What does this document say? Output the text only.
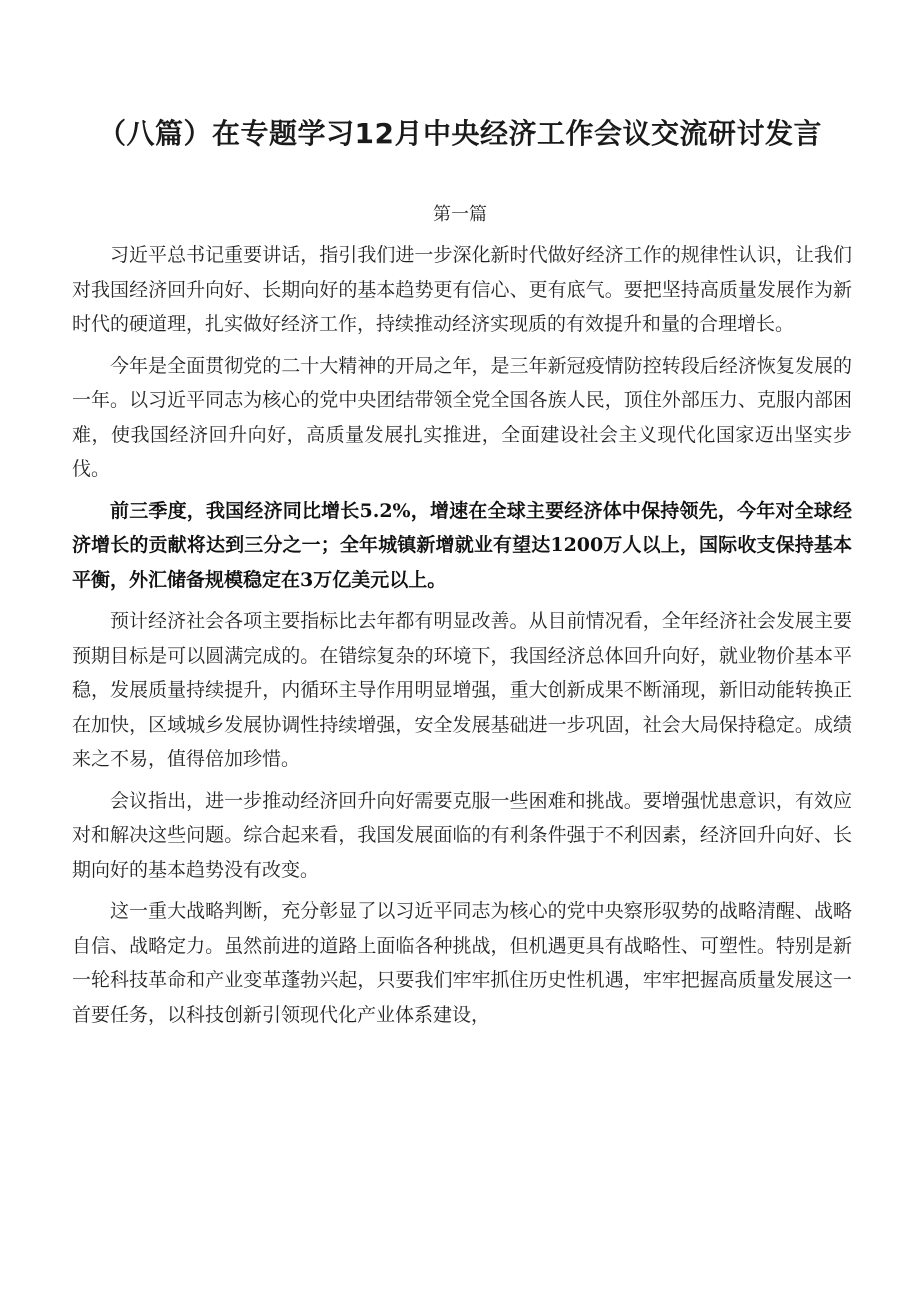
（八篇）在专题学习12月中央经济工作会议交流研讨发言
第一篇

习近平总书记重要讲话，指引我们进一步深化新时代做好经济工作的规律性认识，让我们对我国经济回升向好、长期向好的基本趋势更有信心、更有底气。要把坚持高质量发展作为新时代的硬道理，扎实做好经济工作，持续推动经济实现质的有效提升和量的合理增长。

今年是全面贯彻党的二十大精神的开局之年，是三年新冠疫情防控转段后经济恢复发展的一年。以习近平同志为核心的党中央团结带领全党全国各族人民，顶住外部压力、克服内部困难，使我国经济回升向好，高质量发展扎实推进，全面建设社会主义现代化国家迈出坚实步伐。

前三季度，我国经济同比增长5.2%，增速在全球主要经济体中保持领先，今年对全球经济增长的贡献将达到三分之一；全年城镇新增就业有望达1200万人以上，国际收支保持基本平衡，外汇储备规模稳定在3万亿美元以上。

预计经济社会各项主要指标比去年都有明显改善。从目前情况看，全年经济社会发展主要预期目标是可以圆满完成的。在错综复杂的环境下，我国经济总体回升向好，就业物价基本平稳，发展质量持续提升，内循环主导作用明显增强，重大创新成果不断涌现，新旧动能转换正在加快，区域城乡发展协调性持续增强，安全发展基础进一步巩固，社会大局保持稳定。成绩来之不易，值得倍加珍惜。

会议指出，进一步推动经济回升向好需要克服一些困难和挑战。要增强忧患意识，有效应对和解决这些问题。综合起来看，我国发展面临的有利条件强于不利因素，经济回升向好、长期向好的基本趋势没有改变。

这一重大战略判断，充分彰显了以习近平同志为核心的党中央察形驭势的战略清醒、战略自信、战略定力。虽然前进的道路上面临各种挑战，但机遇更具有战略性、可塑性。特别是新一轮科技革命和产业变革蓬勃兴起，只要我们牢牢抓住历史性机遇，牢牢把握高质量发展这一首要任务，以科技创新引领现代化产业体系建设，
